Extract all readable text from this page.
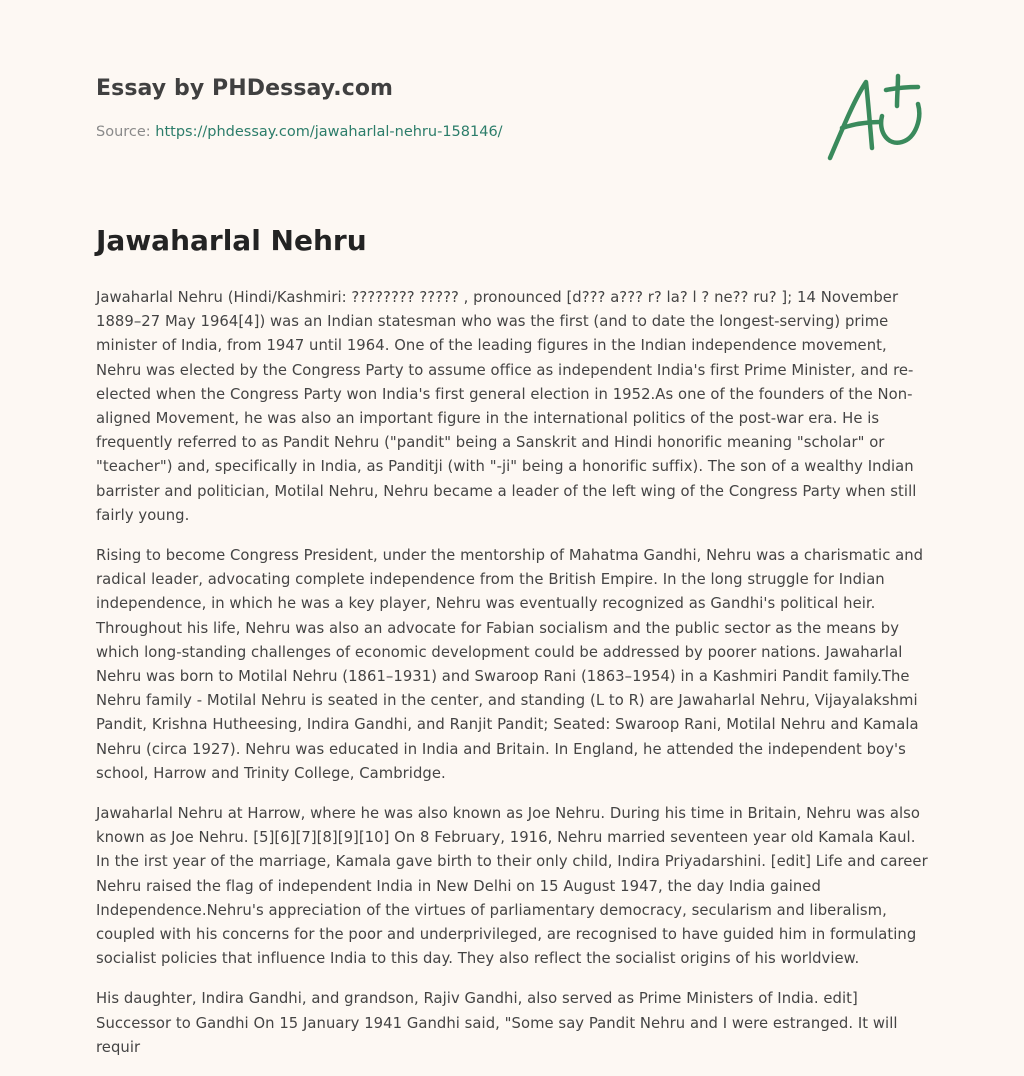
Essay by PHDessay.com
Source: https://phdessay.com/jawaharlal-nehru-158146/
Jawaharlal Nehru

Jawaharlal Nehru (Hindi/Kashmiri: ???????? ????? , pronounced [d??? a??? r? la? l ? ne?? ru? ]; 14 November 1889–27 May 1964[4]) was an Indian statesman who was the first (and to date the longest-serving) prime minister of India, from 1947 until 1964. One of the leading figures in the Indian independence movement, Nehru was elected by the Congress Party to assume office as independent India's first Prime Minister, and re-elected when the Congress Party won India's first general election in 1952.As one of the founders of the Non-aligned Movement, he was also an important figure in the international politics of the post-war era. He is frequently referred to as Pandit Nehru ("pandit" being a Sanskrit and Hindi honorific meaning "scholar" or "teacher") and, specifically in India, as Panditji (with "-ji" being a honorific suffix). The son of a wealthy Indian barrister and politician, Motilal Nehru, Nehru became a leader of the left wing of the Congress Party when still fairly young.

Rising to become Congress President, under the mentorship of Mahatma Gandhi, Nehru was a charismatic and radical leader, advocating complete independence from the British Empire. In the long struggle for Indian independence, in which he was a key player, Nehru was eventually recognized as Gandhi's political heir. Throughout his life, Nehru was also an advocate for Fabian socialism and the public sector as the means by which long-standing challenges of economic development could be addressed by poorer nations. Jawaharlal Nehru was born to Motilal Nehru (1861–1931) and Swaroop Rani (1863–1954) in a Kashmiri Pandit family.The Nehru family - Motilal Nehru is seated in the center, and standing (L to R) are Jawaharlal Nehru, Vijayalakshmi Pandit, Krishna Hutheesing, Indira Gandhi, and Ranjit Pandit; Seated: Swaroop Rani, Motilal Nehru and Kamala Nehru (circa 1927). Nehru was educated in India and Britain. In England, he attended the independent boy's school, Harrow and Trinity College, Cambridge.

Jawaharlal Nehru at Harrow, where he was also known as Joe Nehru. During his time in Britain, Nehru was also known as Joe Nehru. [5][6][7][8][9][10] On 8 February, 1916, Nehru married seventeen year old Kamala Kaul. In the irst year of the marriage, Kamala gave birth to their only child, Indira Priyadarshini. [edit] Life and career Nehru raised the flag of independent India in New Delhi on 15 August 1947, the day India gained Independence.Nehru's appreciation of the virtues of parliamentary democracy, secularism and liberalism, coupled with his concerns for the poor and underprivileged, are recognised to have guided him in formulating socialist policies that influence India to this day. They also reflect the socialist origins of his worldview.

His daughter, Indira Gandhi, and grandson, Rajiv Gandhi, also served as Prime Ministers of India. edit] Successor to Gandhi On 15 January 1941 Gandhi said, "Some say Pandit Nehru and I were estranged. It will requir
